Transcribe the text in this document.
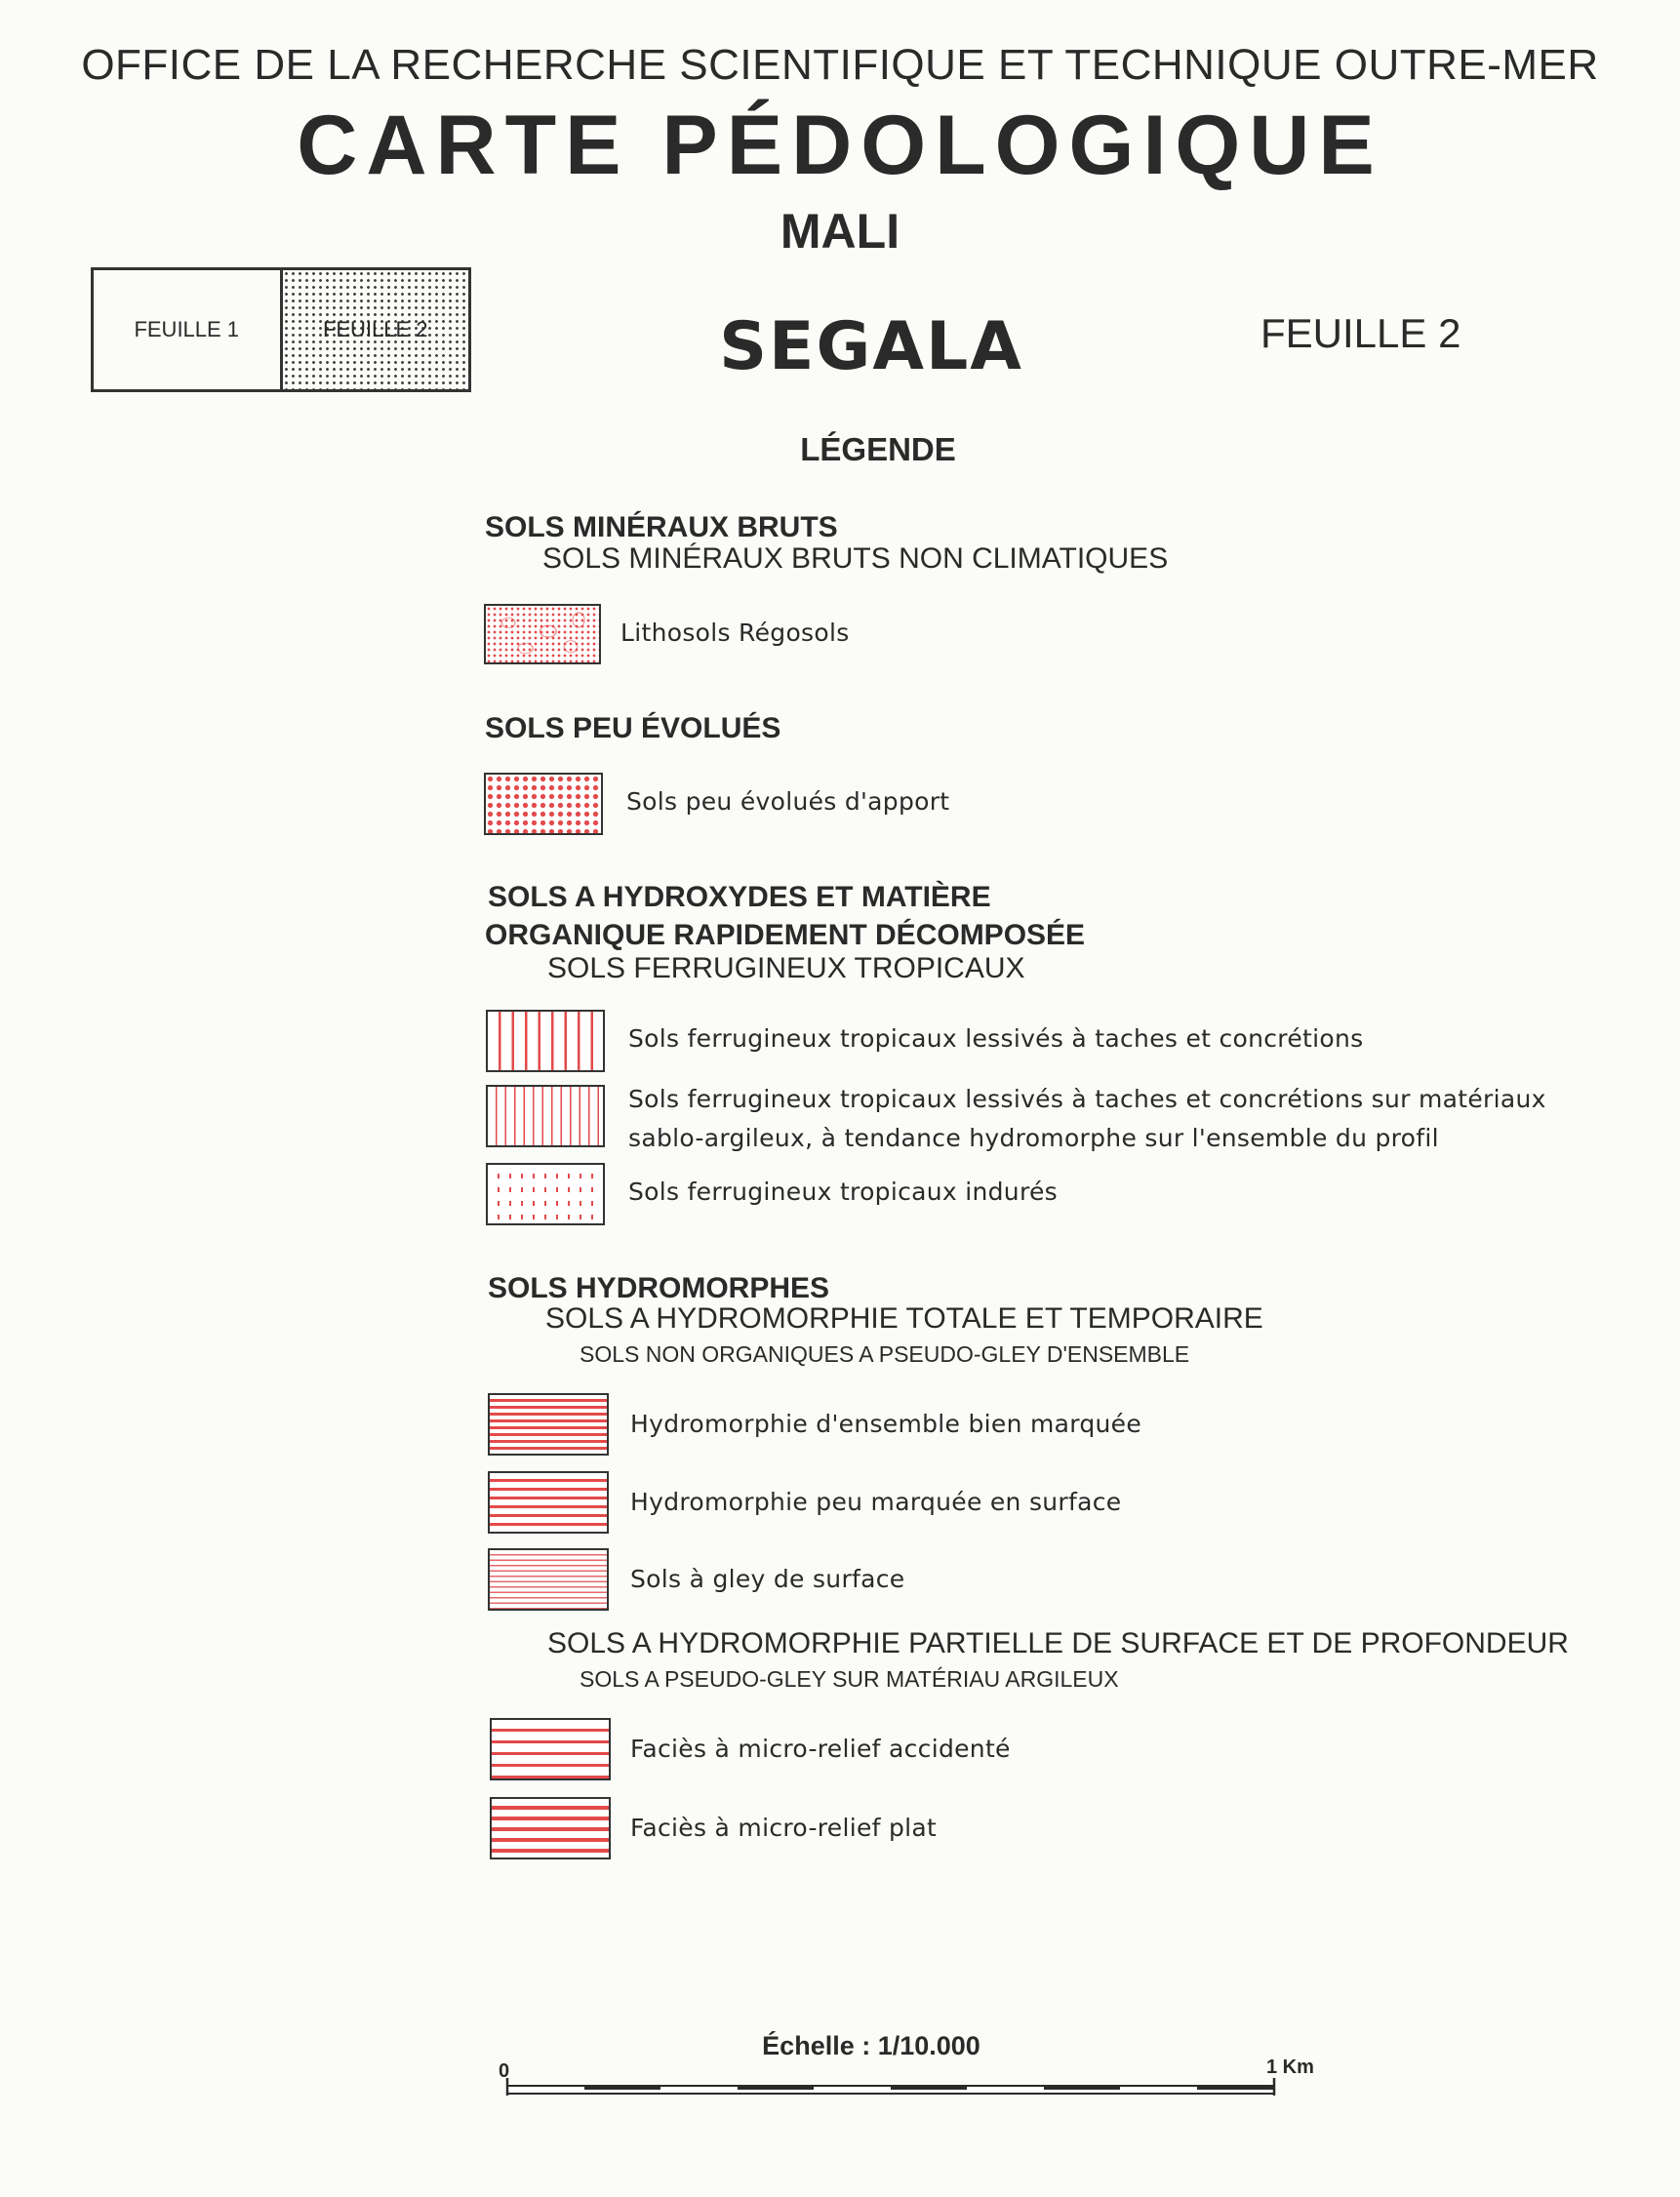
OFFICE DE LA RECHERCHE SCIENTIFIQUE ET TECHNIQUE OUTRE-MER
CARTE PÉDOLOGIQUE
MALI
FEUILLE 1	FEUILLE 2	SEGALA	FEUILLE 2
LÉGENDE
SOLS MINÉRAUX BRUTS
SOLS MINÉRAUX BRUTS NON CLIMATIQUES
Lithosols Régosols
SOLS PEU ÉVOLUÉS
Sols peu évolués d'apport
SOLS A HYDROXYDES ET MATIÈRE
ORGANIQUE RAPIDEMENT DÉCOMPOSÉE
SOLS FERRUGINEUX TROPICAUX
Sols ferrugineux tropicaux lessivés à taches et concrétions
Sols ferrugineux tropicaux lessivés à taches et concrétions sur matériaux
sablo-argileux, à tendance hydromorphe sur l'ensemble du profil
Sols ferrugineux tropicaux indurés
SOLS HYDROMORPHES
SOLS A HYDROMORPHIE TOTALE ET TEMPORAIRE
SOLS NON ORGANIQUES A PSEUDO-GLEY D'ENSEMBLE
Hydromorphie d'ensemble bien marquée
Hydromorphie peu marquée en surface
Sols à gley de surface
SOLS A HYDROMORPHIE PARTIELLE DE SURFACE ET DE PROFONDEUR
SOLS A PSEUDO-GLEY SUR MATÉRIAU ARGILEUX
Faciès à micro-relief accidenté
Faciès à micro-relief plat
Échelle : 1/10.000
0	1 Km
